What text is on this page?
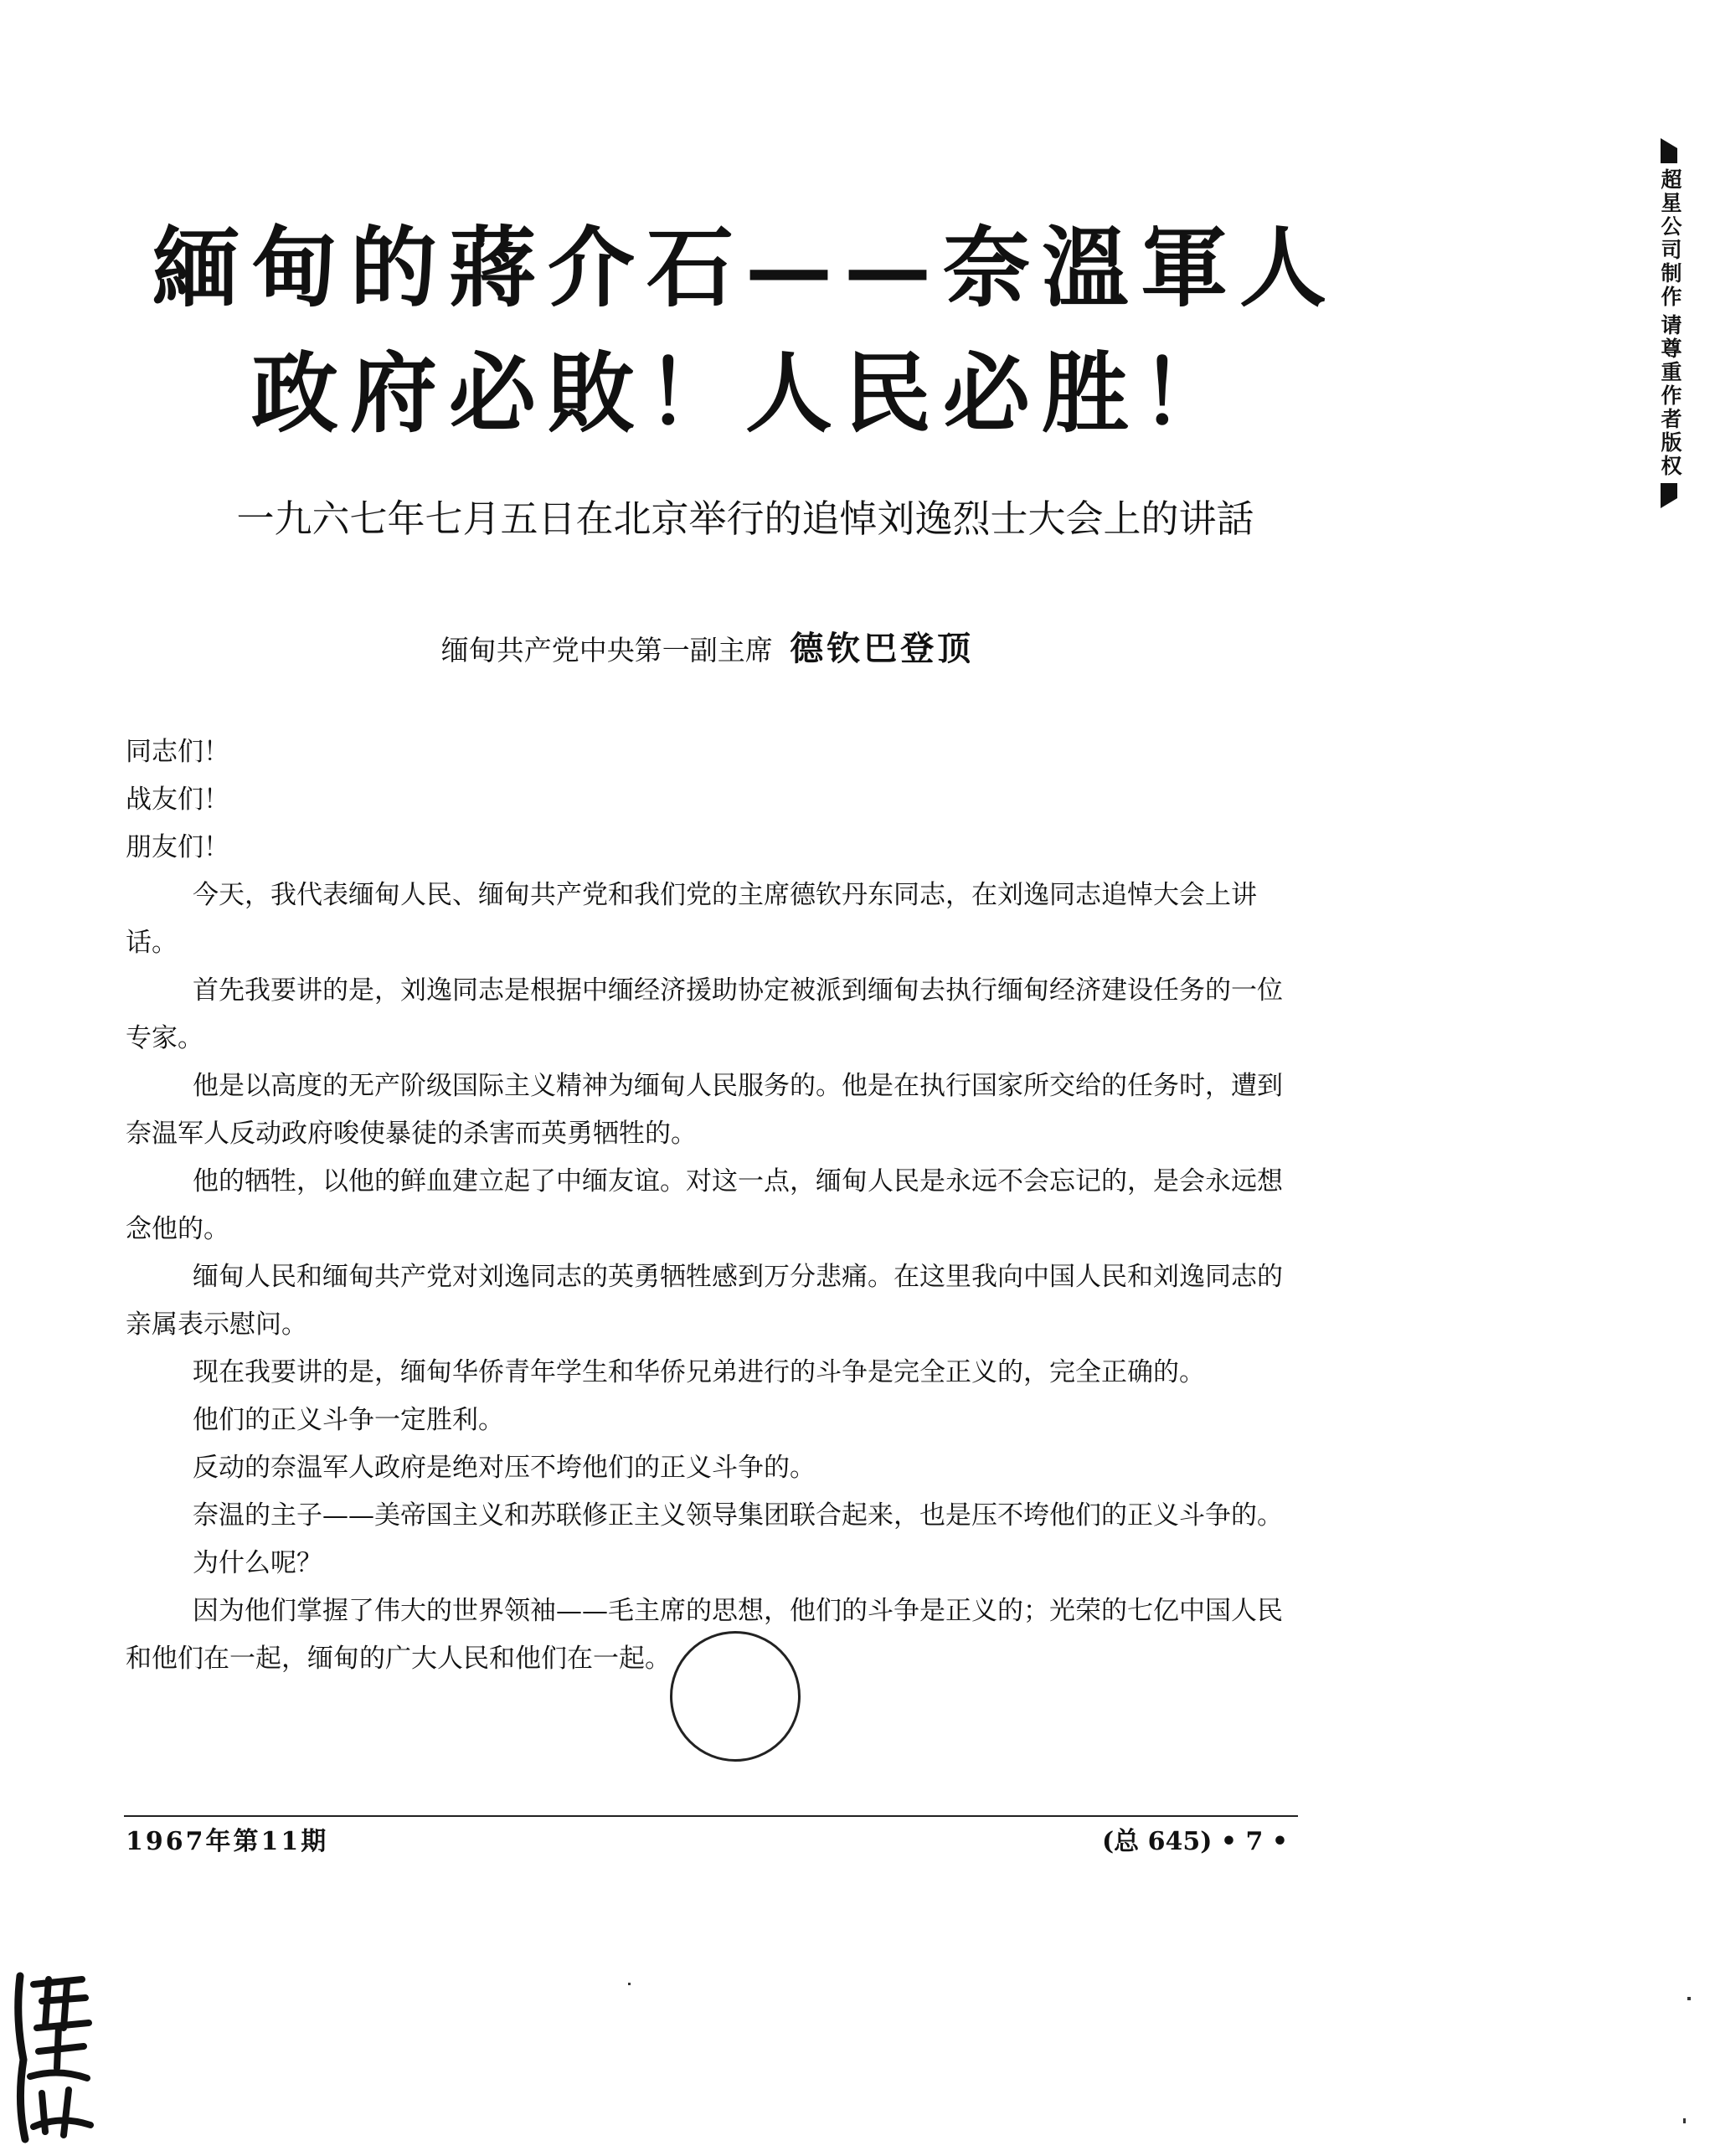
緬甸的蔣介石——奈溫軍人
政府必敗！人民必胜！

一九六七年七月五日在北京举行的追悼刘逸烈士大会上的讲話

缅甸共产党中央第一副主席 德钦巴登顶

同志们！

战友们！

朋友们！

今天，我代表缅甸人民、缅甸共产党和我们党的主席德钦丹东同志，在刘逸同志追悼大会上讲话。

首先我要讲的是，刘逸同志是根据中缅经济援助协定被派到缅甸去执行缅甸经济建设任务的一位专家。

他是以高度的无产阶级国际主义精神为缅甸人民服务的。他是在执行国家所交给的任务时，遭到奈温军人反动政府唆使暴徒的杀害而英勇牺牲的。

他的牺牲，以他的鲜血建立起了中缅友谊。对这一点，缅甸人民是永远不会忘记的，是会永远想念他的。

缅甸人民和缅甸共产党对刘逸同志的英勇牺牲感到万分悲痛。在这里我向中国人民和刘逸同志的亲属表示慰问。

现在我要讲的是，缅甸华侨青年学生和华侨兄弟进行的斗争是完全正义的，完全正确的。

他们的正义斗争一定胜利。

反动的奈温军人政府是绝对压不垮他们的正义斗争的。

奈温的主子——美帝国主义和苏联修正主义领导集团联合起来，也是压不垮他们的正义斗争的。

为什么呢？

因为他们掌握了伟大的世界领袖——毛主席的思想，他们的斗争是正义的；光荣的七亿中国人民和他们在一起，缅甸的广大人民和他们在一起。

1967年第11期	(总 645) • 7 •
超星公司制作
请尊重作者版权
